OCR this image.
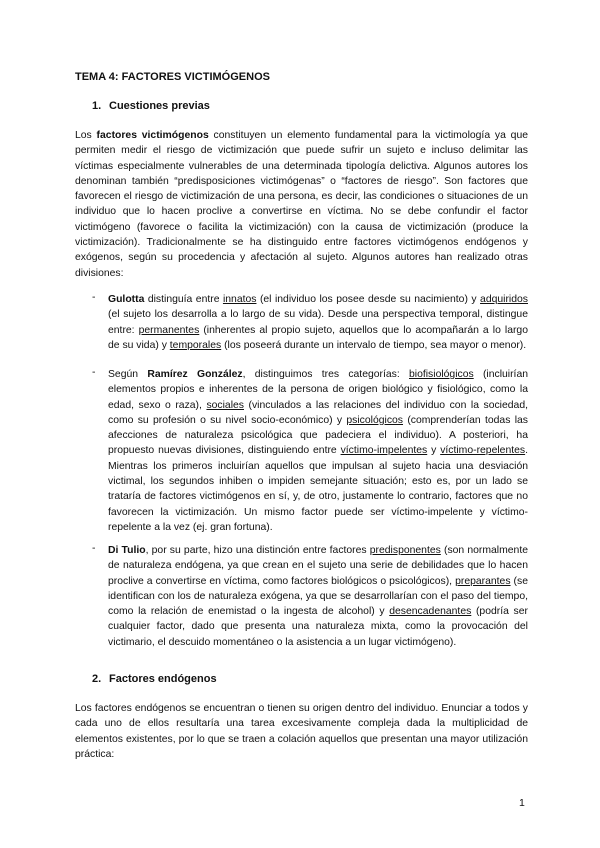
TEMA 4: FACTORES VICTIMÓGENOS
1. Cuestiones previas
Los factores victimógenos constituyen un elemento fundamental para la victimología ya que permiten medir el riesgo de victimización que puede sufrir un sujeto e incluso delimitar las víctimas especialmente vulnerables de una determinada tipología delictiva. Algunos autores los denominan también “predisposiciones victimógenas” o “factores de riesgo”. Son factores que favorecen el riesgo de victimización de una persona, es decir, las condiciones o situaciones de un individuo que lo hacen proclive a convertirse en víctima. No se debe confundir el factor victimógeno (favorece o facilita la victimización) con la causa de victimización (produce la victimización). Tradicionalmente se ha distinguido entre factores victimógenos endógenos y exógenos, según su procedencia y afectación al sujeto. Algunos autores han realizado otras divisiones:
- Gulotta distinguía entre innatos (el individuo los posee desde su nacimiento) y adquiridos (el sujeto los desarrolla a lo largo de su vida). Desde una perspectiva temporal, distingue entre: permanentes (inherentes al propio sujeto, aquellos que lo acompañarán a lo largo de su vida) y temporales (los poseerá durante un intervalo de tiempo, sea mayor o menor).
- Según Ramírez González, distinguimos tres categorías: biofisiológicos (incluirían elementos propios e inherentes de la persona de origen biológico y fisiológico, como la edad, sexo o raza), sociales (vinculados a las relaciones del individuo con la sociedad, como su profesión o su nivel socio-económico) y psicológicos (comprenderían todas las afecciones de naturaleza psicológica que padeciera el individuo). A posteriori, ha propuesto nuevas divisiones, distinguiendo entre víctimo-impelentes y víctimo-repelentes. Mientras los primeros incluirían aquellos que impulsan al sujeto hacia una desviación victimal, los segundos inhiben o impiden semejante situación; esto es, por un lado se trataría de factores victimógenos en sí, y, de otro, justamente lo contrario, factores que no favorecen la victimización. Un mismo factor puede ser víctimo-impelente y víctimo-repelente a la vez (ej. gran fortuna).
- Di Tulio, por su parte, hizo una distinción entre factores predisponentes (son normalmente de naturaleza endógena, ya que crean en el sujeto una serie de debilidades que lo hacen proclive a convertirse en víctima, como factores biológicos o psicológicos), preparantes (se identifican con los de naturaleza exógena, ya que se desarrollarían con el paso del tiempo, como la relación de enemistad o la ingesta de alcohol) y desencadenantes (podría ser cualquier factor, dado que presenta una naturaleza mixta, como la provocación del victimario, el descuido momentáneo o la asistencia a un lugar victimógeno).
2. Factores endógenos
Los factores endógenos se encuentran o tienen su origen dentro del individuo. Enunciar a todos y cada uno de ellos resultaría una tarea excesivamente compleja dada la multiplicidad de elementos existentes, por lo que se traen a colación aquellos que presentan una mayor utilización práctica:
1
